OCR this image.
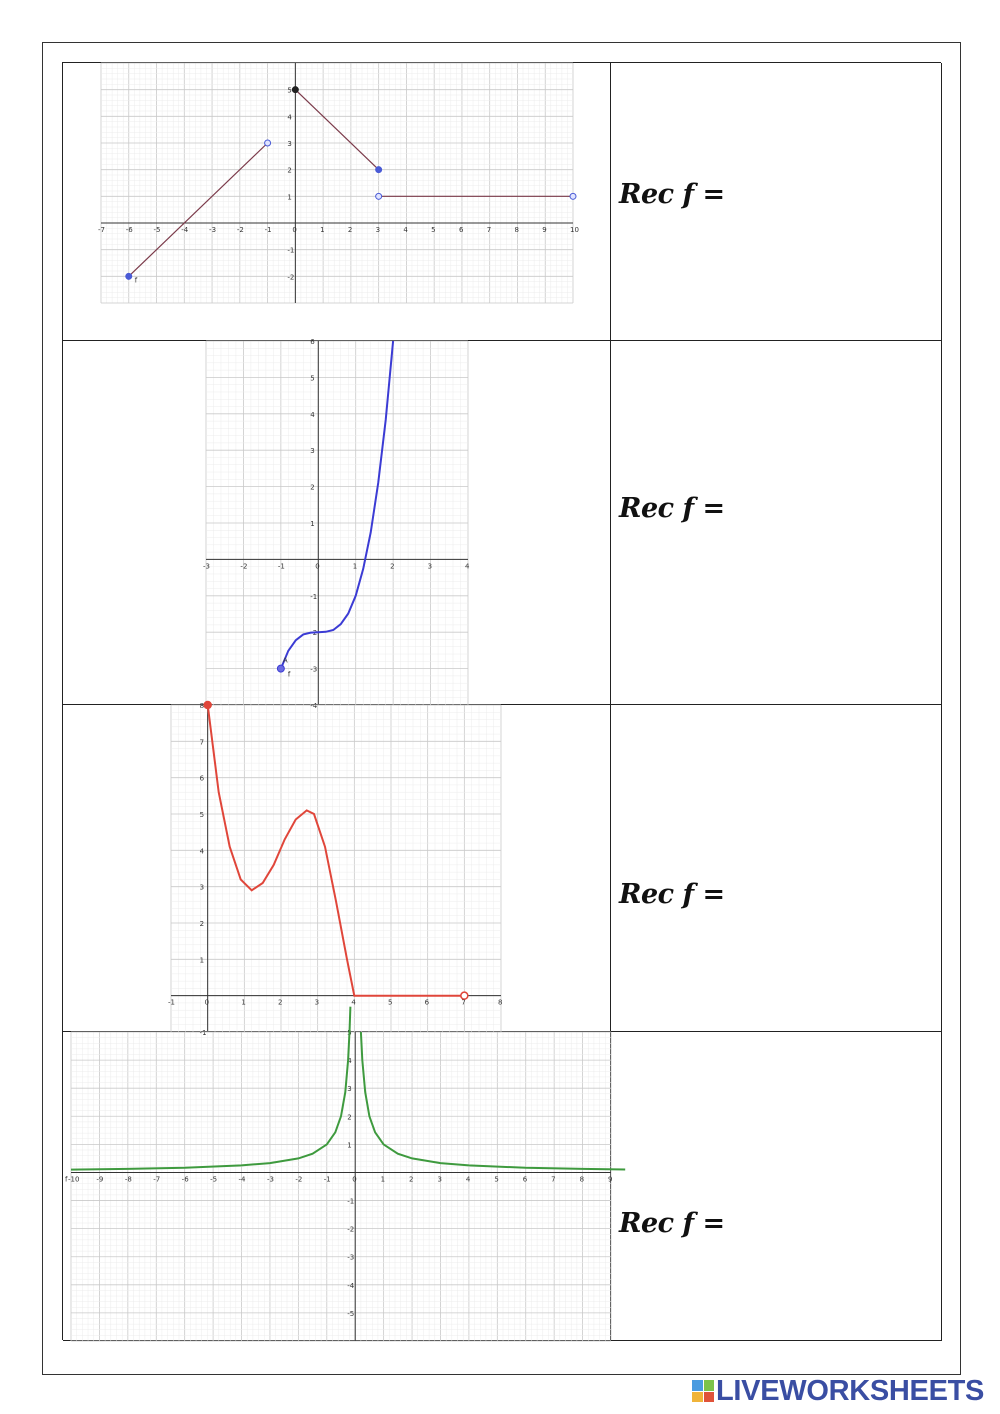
-7	-6	-5	-4	-3	-2	-1	0	1	2	3	4	5	6	7	8	9	10
-2
-1
1
2
3
4
5
f
Rec f =
-3	-2	-1	0	1	2	3	4
-4
-3
-2
-1
1
2
3
4
5
6
A
f
Rec f =
-1	0	1	2	3	4	5	6	7	8
-1
1
2
3
4
5
6
7
8
Rec f =
-10 -9	-8	-7	-6	-5	-4	-3	-2	-1	0	1	2	3	4	5	6	7	8	9
-5
-4
-3
-2
-1
1
2
3
4
5
f
Rec f =
LIVEWORKSHEETS
